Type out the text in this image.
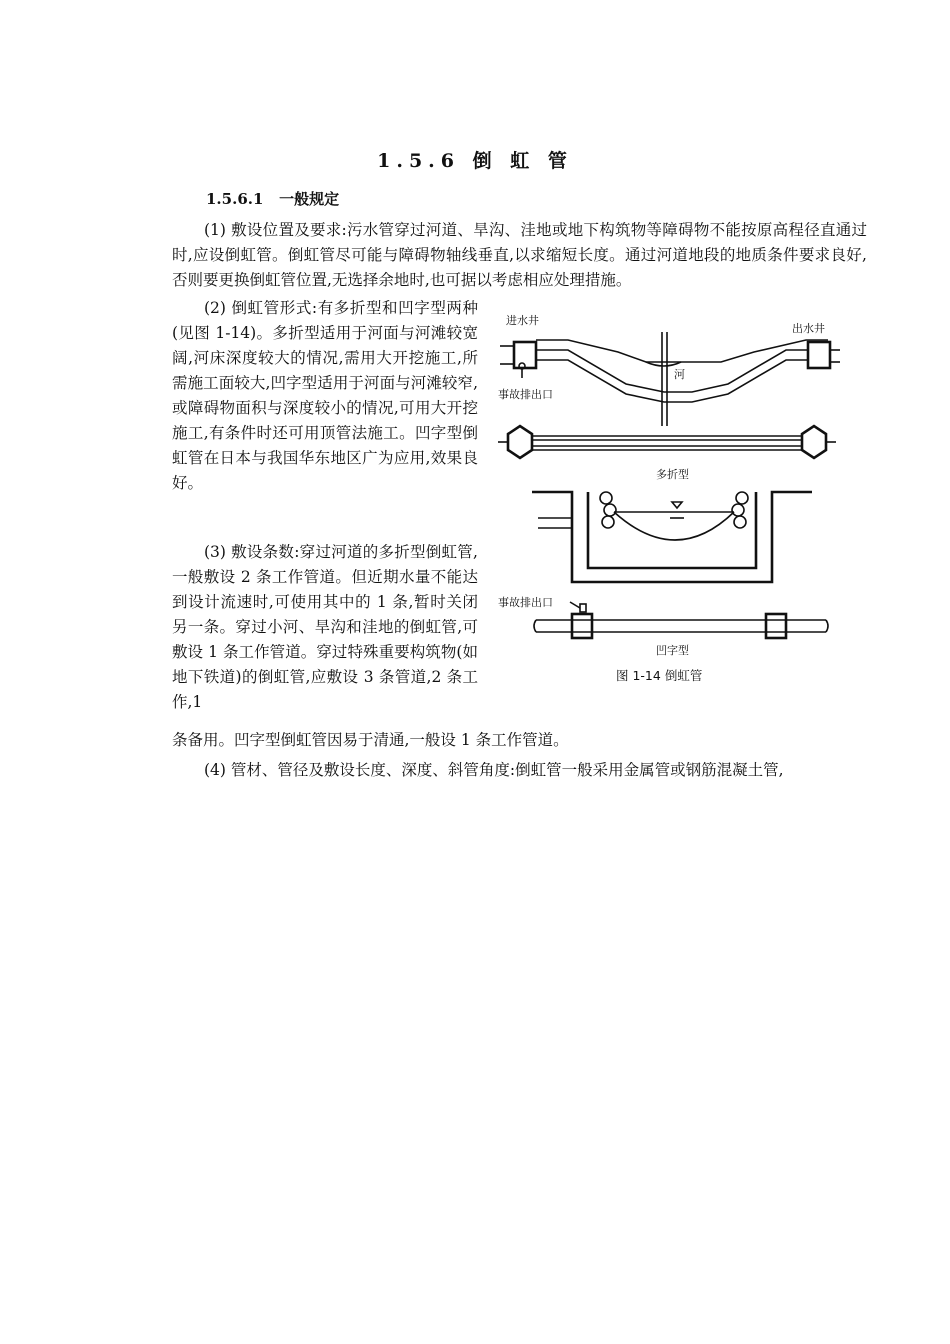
1.5.6 倒 虹 管
1.5.6.1 一般规定

(1) 敷设位置及要求:污水管穿过河道、旱沟、洼地或地下构筑物等障碍物不能按原高程径直通过时,应设倒虹管。倒虹管尽可能与障碍物轴线垂直,以求缩短长度。通过河道地段的地质条件要求良好,否则要更换倒虹管位置,无选择余地时,也可据以考虑相应处理措施。

(2) 倒虹管形式:有多折型和凹字型两种(见图 1-14)。多折型适用于河面与河滩较宽阔,河床深度较大的情况,需用大开挖施工,所需施工面较大,凹字型适用于河面与河滩较窄,或障碍物面积与深度较小的情况,可用大开挖施工,有条件时还可用顶管法施工。凹字型倒虹管在日本与我国华东地区广为应用,效果良好。

(3) 敷设条数:穿过河道的多折型倒虹管,一般敷设 2 条工作管道。但近期水量不能达到设计流速时,可使用其中的 1 条,暂时关闭另一条。穿过小河、旱沟和洼地的倒虹管,可敷设 1 条工作管道。穿过特殊重要构筑物(如地下铁道)的倒虹管,应敷设 3 条管道,2 条工作,1

条备用。凹字型倒虹管因易于清通,一般设 1 条工作管道。

(4) 管材、管径及敷设长度、深度、斜管角度:倒虹管一般采用金属管或钢筋混凝土管,

进水井
出水井
河
事故排出口
多折型
事故排出口
凹字型
图 1-14 倒虹管
